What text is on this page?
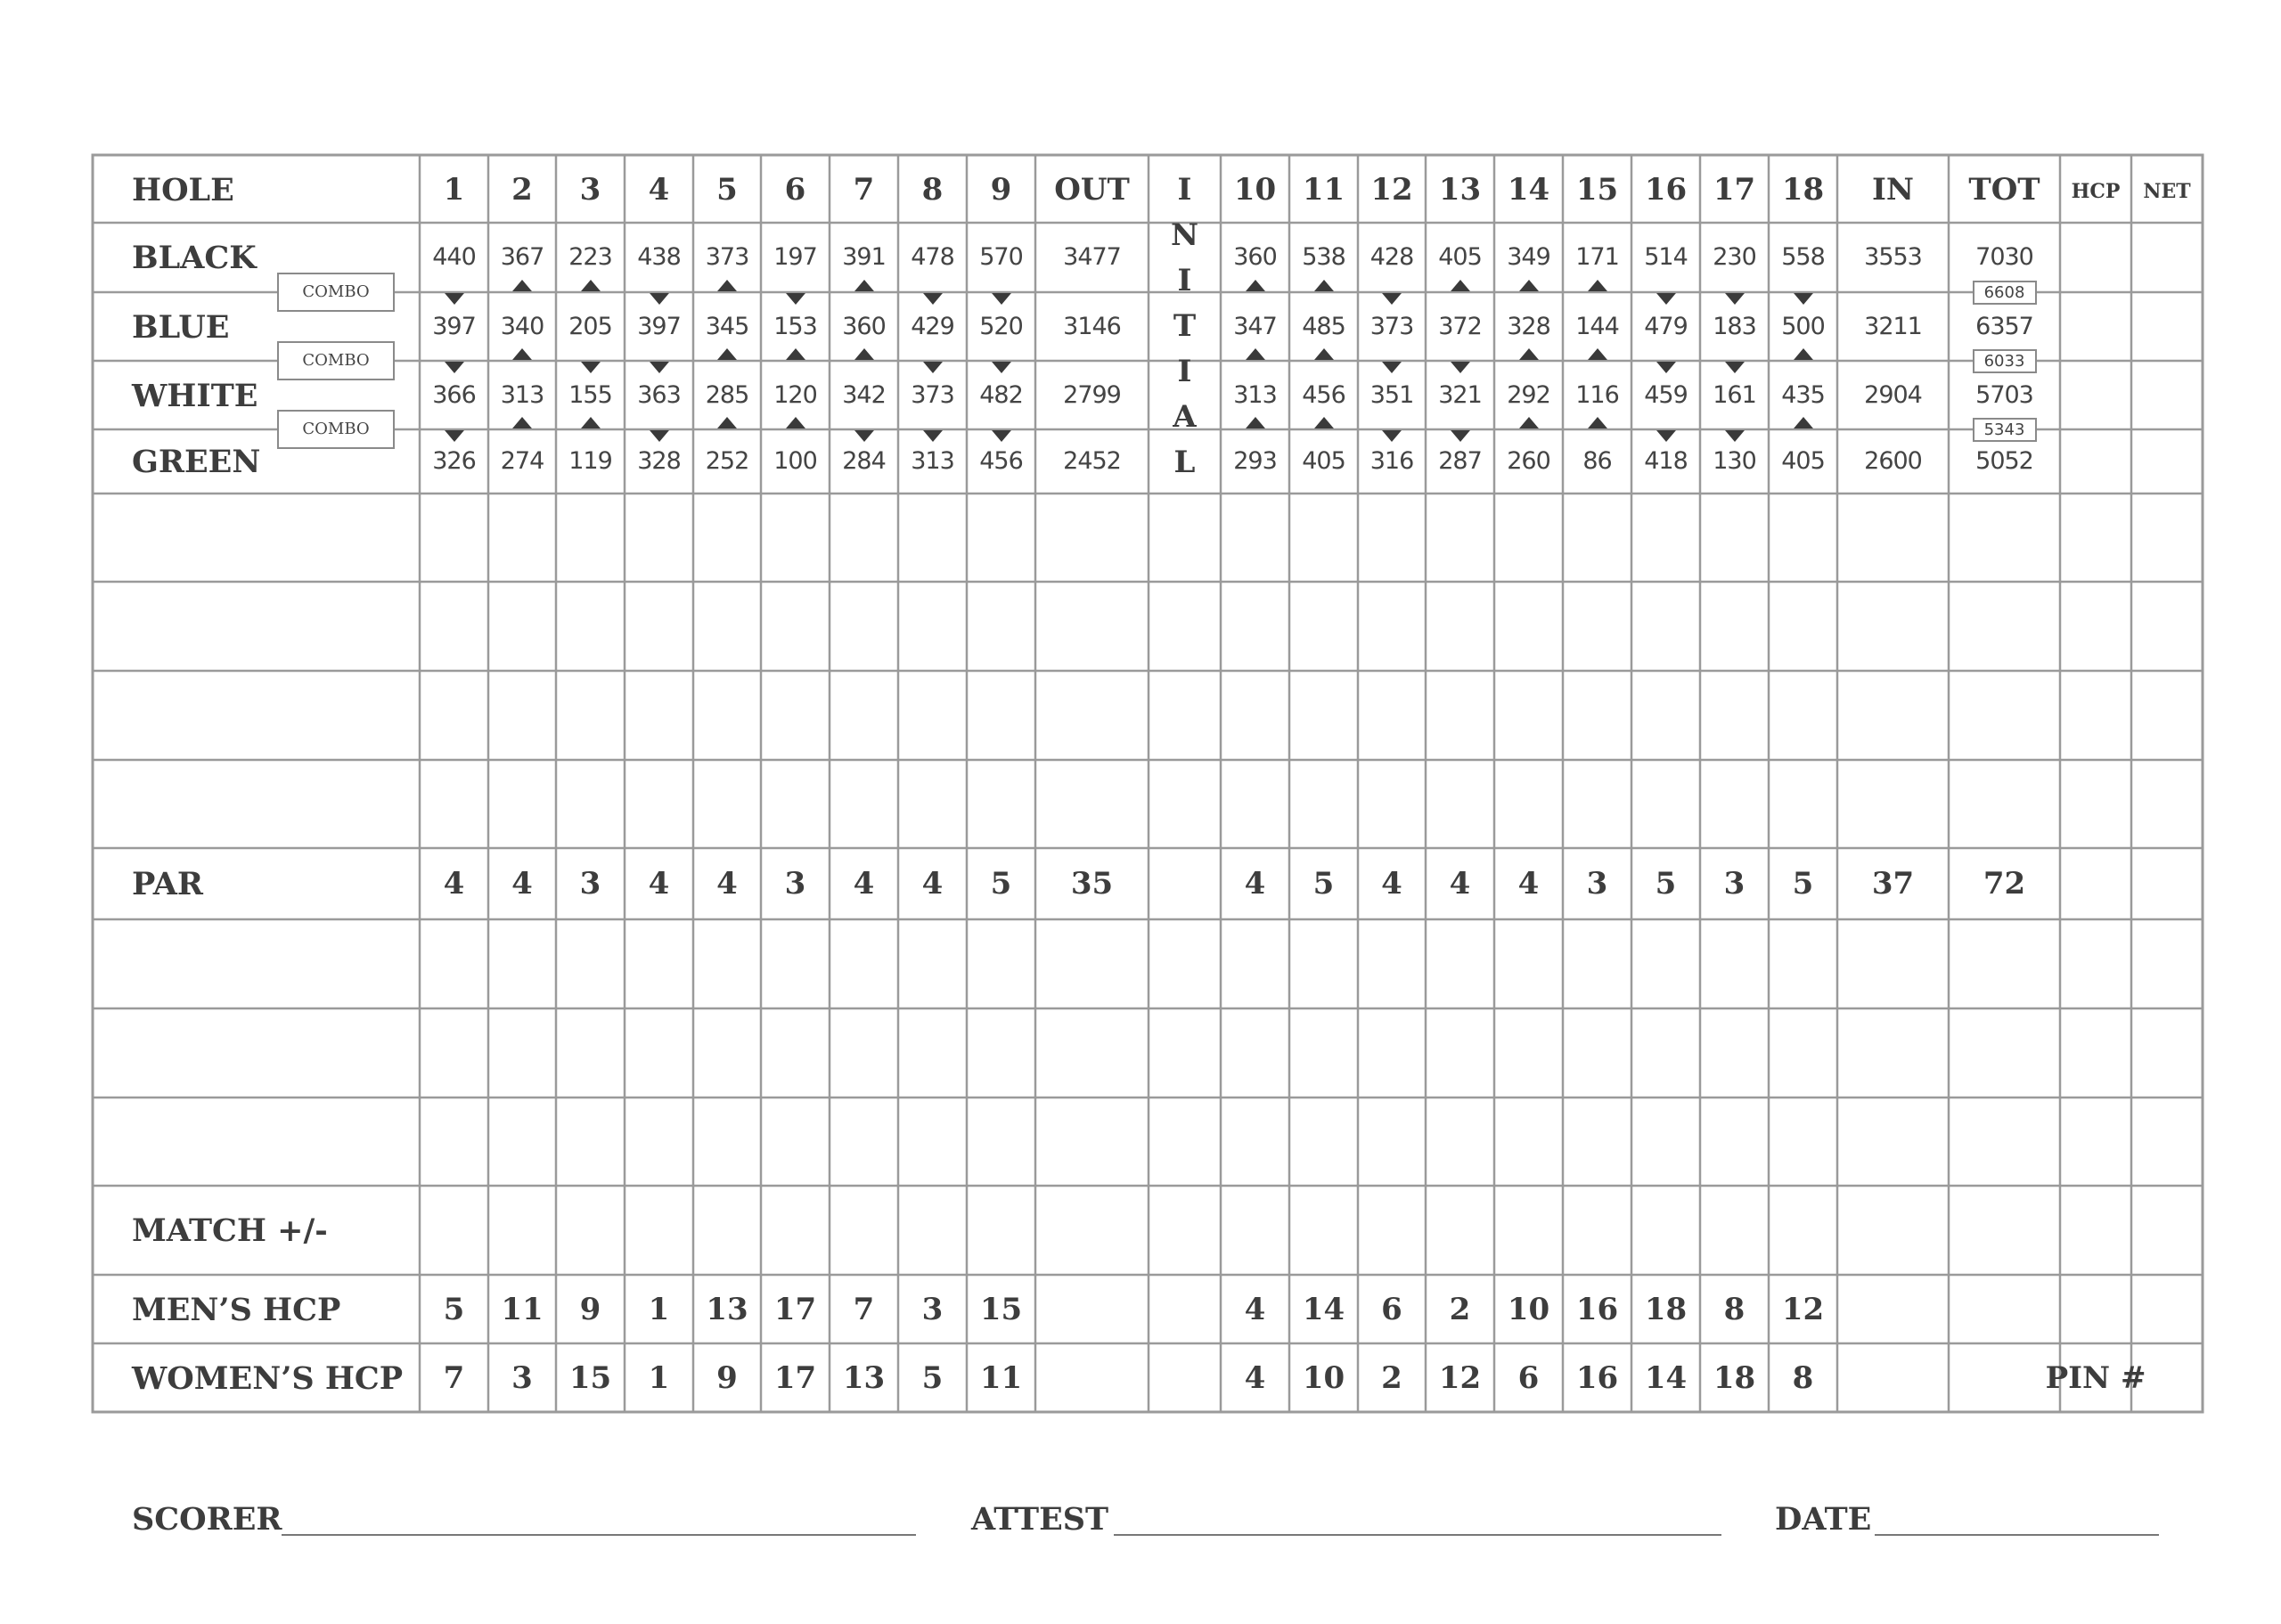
HOLE	1 2 3 4 5 6 7 8 9 OUT	10 11 12 13 14 15 16 17 18 IN TOT HCP NET
I
N
I
T
I
A
L
BLACK	440 367 223 438 373 197 391 478 570 3477	360 538 428 405 349 171 514 230 558 3553 7030
BLUE	397 340 205 397 345 153 360 429 520 3146	347 485 373 372 328 144 479 183 500 3211 6357
WHITE	366 313 155 363 285 120 342 373 482 2799	313 456 351 321 292 116 459 161 435 2904 5703
GREEN	326 274 119 328 252 100 284 313 456 2452	293 405 316 287 260 86 418 130 405 2600 5052
COMBO	6608
COMBO	6033
COMBO	5343
PAR	4 4 3 4 4 3 4 4 5 35	4 5 4 4 4 3 5 3 5 37 72
MATCH +/-
MEN’S HCP	5 11 9 1 13 17 7 3 15	4 14 6 2 10 16 18 8 12
WOMEN’S HCP 7 3 15 1 9 17 13 5 11	4 10 2 12 6 16 14 18 8	PIN #
SCORER	ATTEST	DATE
